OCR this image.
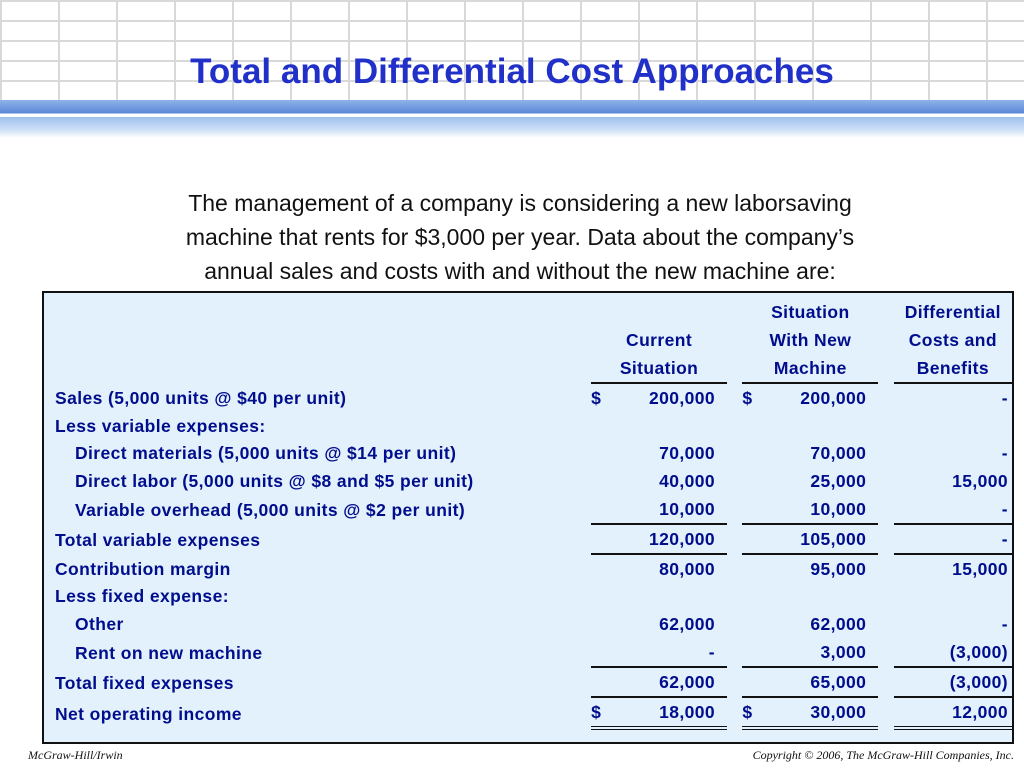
Total and Differential Cost Approaches

The management of a company is considering a new laborsaving
machine that rents for $3,000 per year. Data about the company’s
annual sales and costs with and without the new machine are:

				Situation		Differential
		Current		With New		Costs and
		Situation		Machine		Benefits
Sales (5,000 units @ $40 per unit)		$ 200,000		$ 200,000		-

Less variable expenses:		

Direct materials (5,000 units @ $14 per unit)		70,000		70,000		-

Direct labor (5,000 units @ $8 and $5 per unit)		40,000		25,000		15,000

Variable overhead (5,000 units @ $2 per unit)		10,000		10,000		-

Total variable expenses		120,000		105,000		-

Contribution margin		80,000		95,000		15,000

Less fixed expense:		

Other		62,000		62,000		-

Rent on new machine		-		3,000		(3,000)

Total fixed expenses		62,000		65,000		(3,000)

Net operating income		$ 18,000		$ 30,000		12,000
McGraw-Hill/Irwin	Copyright © 2006, The McGraw-Hill Companies, Inc.
